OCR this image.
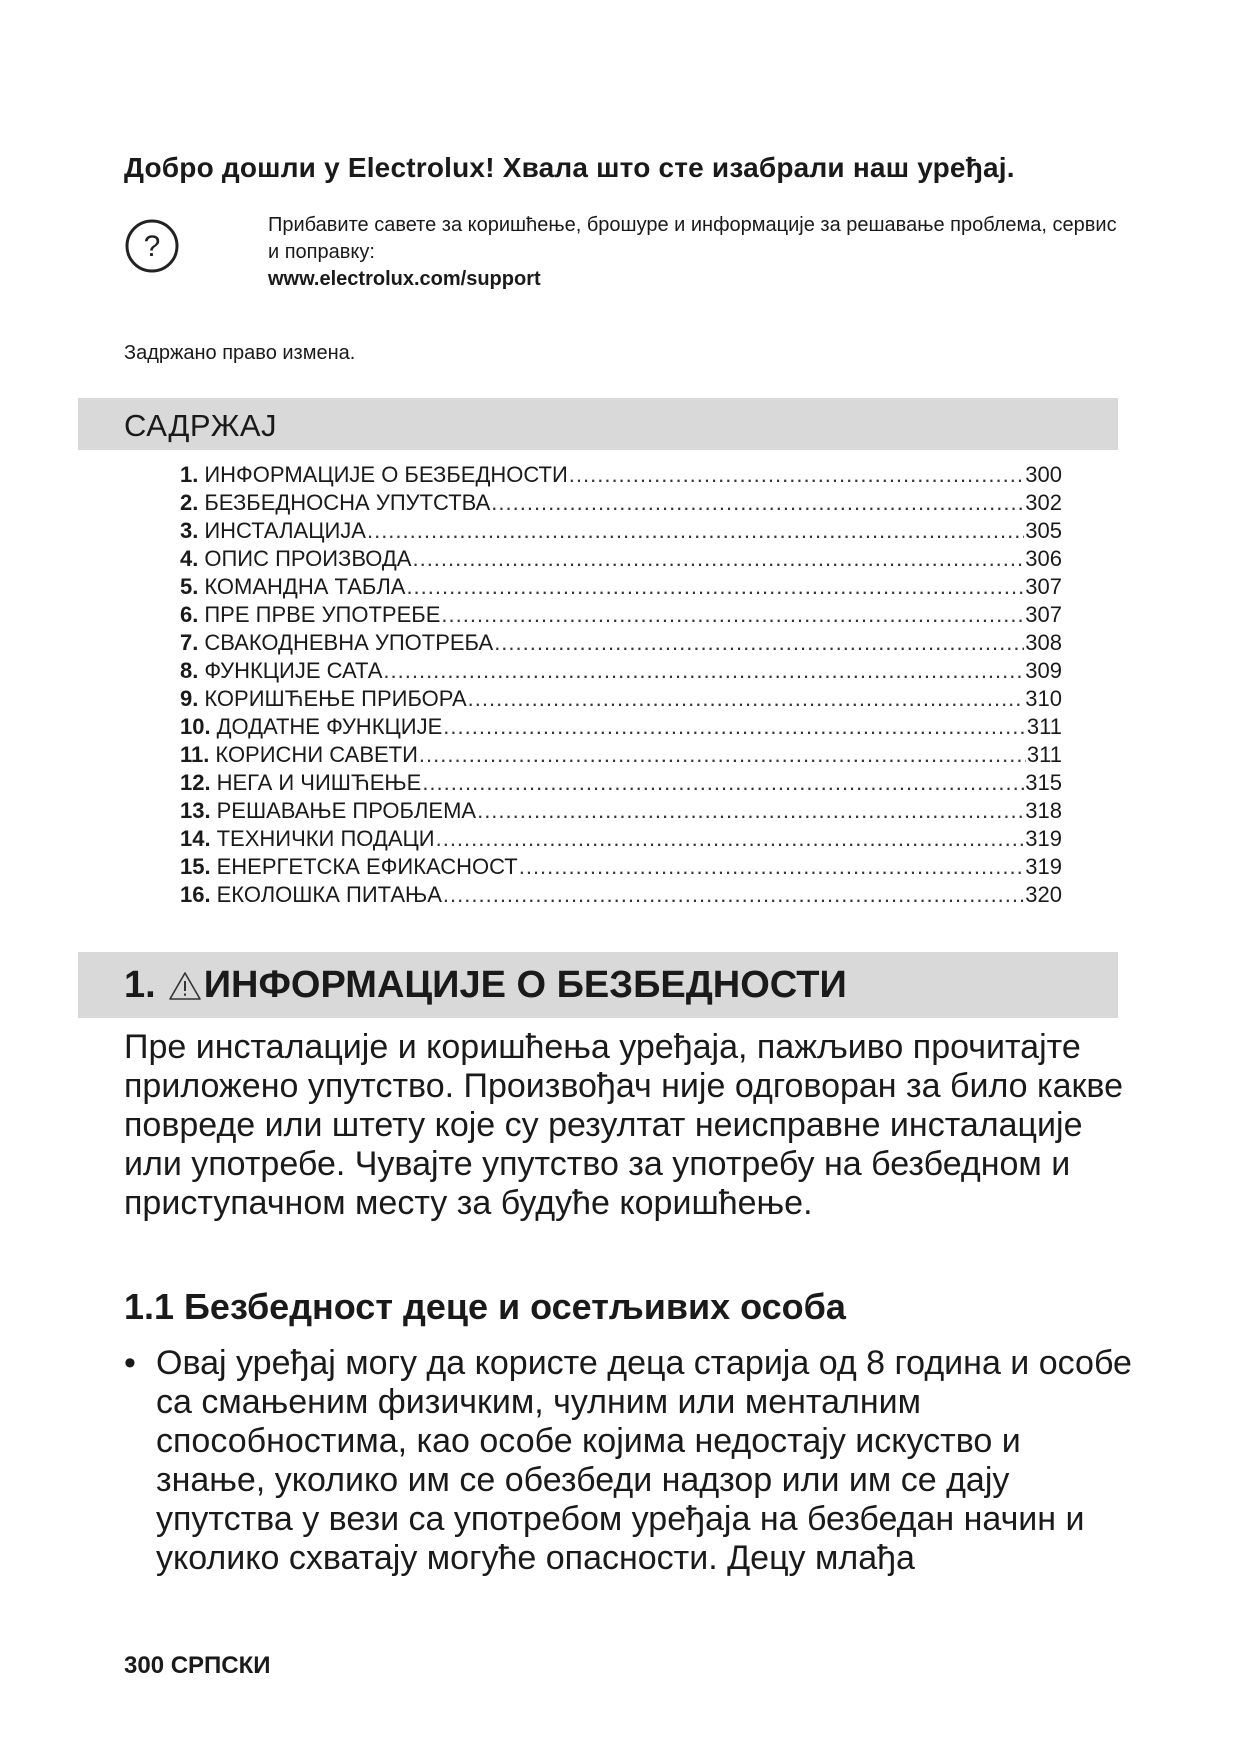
Добро дошли у Electrolux! Хвала што сте изабрали наш уређај.
?
Прибавите савете за коришћење, брошуре и информације за решавање проблема, сервис и поправку:
www.electrolux.com/support
Задржано право измена.
САДРЖАЈ
1. ИНФОРМАЦИЈЕ О БЕЗБЕДНОСТИ .....	300
2. БЕЗБЕДНОСНА УПУТСТВА .....	302
3. ИНСТАЛАЦИЈА .....	305
4. ОПИС ПРОИЗВОДА .....	306
5. КОМАНДНА ТАБЛА .....	307
6. ПРЕ ПРВЕ УПОТРЕБЕ .....	307
7. СВАКОДНЕВНА УПОТРЕБА .....	308
8. ФУНКЦИЈЕ САТА .....	309
9. КОРИШЋЕЊЕ ПРИБОРА .....	310
10. ДОДАТНЕ ФУНКЦИЈЕ .....	311
11. КОРИСНИ САВЕТИ .....	311
12. НЕГА И ЧИШЋЕЊЕ .....	315
13. РЕШАВАЊЕ ПРОБЛЕМА .....	318
14. ТЕХНИЧКИ ПОДАЦИ .....	319
15. ЕНЕРГЕТСКА ЕФИКАСНОСТ .....	319
16. ЕКОЛОШКА ПИТАЊА .....	320
1. ИНФОРМАЦИЈЕ О БЕЗБЕДНОСТИ

Пре инсталације и коришћења уређаја, пажљиво прочитајте приложено упутство. Произвођач није одговоран за било какве повреде или штету које су резултат неисправне инсталације или употребе. Чувајте упутство за употребу на безбедном и приступачном месту за будуће коришћење.

1.1 Безбедност деце и осетљивих особа
• Овај уређај могу да користе деца старија од 8 година и особе са смањеним физичким, чулним или менталним способностима, као особе којима недостају искуство и знање, уколико им се обезбеди надзор или им се дају упутства у вези са употребом уређаја на безбедан начин и уколико схватају могуће опасности. Децу млађа
300 СРПСКИ
